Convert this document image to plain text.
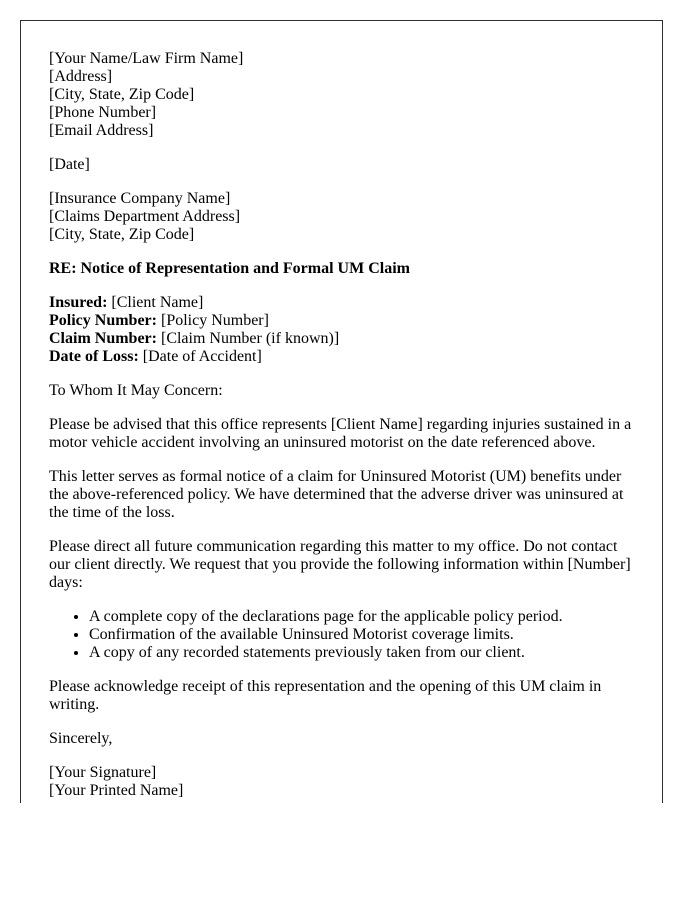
[Your Name/Law Firm Name]
[Address]
[City, State, Zip Code]
[Phone Number]
[Email Address]
[Date]
[Insurance Company Name]
[Claims Department Address]
[City, State, Zip Code]
RE: Notice of Representation and Formal UM Claim
Insured: [Client Name]
Policy Number: [Policy Number]
Claim Number: [Claim Number (if known)]
Date of Loss: [Date of Accident]
To Whom It May Concern:
Please be advised that this office represents [Client Name] regarding injuries sustained in a motor vehicle accident involving an uninsured motorist on the date referenced above.
This letter serves as formal notice of a claim for Uninsured Motorist (UM) benefits under the above-referenced policy. We have determined that the adverse driver was uninsured at the time of the loss.
Please direct all future communication regarding this matter to my office. Do not contact our client directly. We request that you provide the following information within [Number] days:
• A complete copy of the declarations page for the applicable policy period.
• Confirmation of the available Uninsured Motorist coverage limits.
• A copy of any recorded statements previously taken from our client.
Please acknowledge receipt of this representation and the opening of this UM claim in writing.
Sincerely,
[Your Signature]
[Your Printed Name]
